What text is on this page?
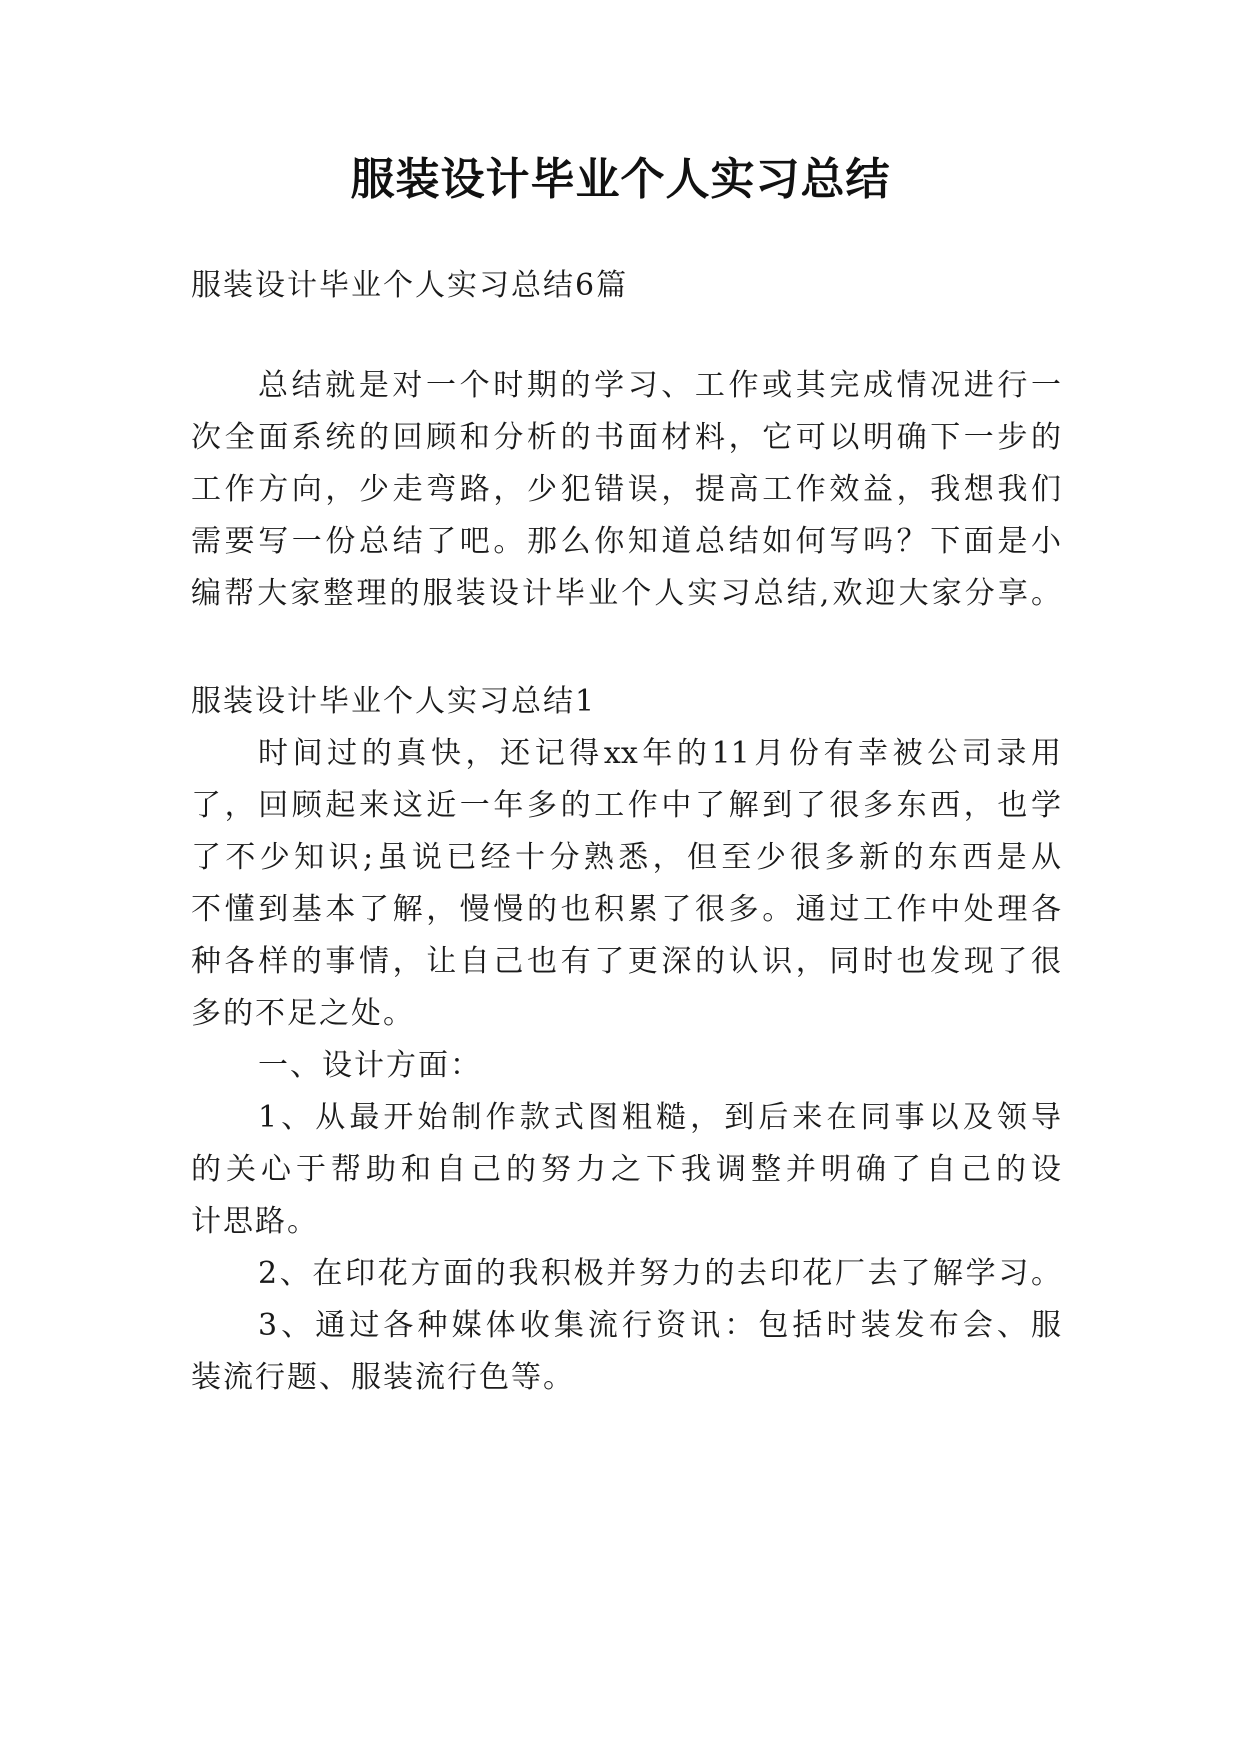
服装设计毕业个人实习总结
服装设计毕业个人实习总结6篇
总结就是对一个时期的学习、工作或其完成情况进行一
次全面系统的回顾和分析的书面材料，它可以明确下一步的
工作方向，少走弯路，少犯错误，提高工作效益，我想我们
需要写一份总结了吧。那么你知道总结如何写吗？下面是小
编帮大家整理的服装设计毕业个人实习总结,欢迎大家分享。
服装设计毕业个人实习总结1
时间过的真快，还记得xx年的11月份有幸被公司录用
了，回顾起来这近一年多的工作中了解到了很多东西，也学
了不少知识;虽说已经十分熟悉，但至少很多新的东西是从
不懂到基本了解，慢慢的也积累了很多。通过工作中处理各
种各样的事情，让自己也有了更深的认识，同时也发现了很
多的不足之处。
一、设计方面：
1、从最开始制作款式图粗糙，到后来在同事以及领导
的关心于帮助和自己的努力之下我调整并明确了自己的设
计思路。
2、在印花方面的我积极并努力的去印花厂去了解学习。
3、通过各种媒体收集流行资讯：包括时装发布会、服
装流行题、服装流行色等。
